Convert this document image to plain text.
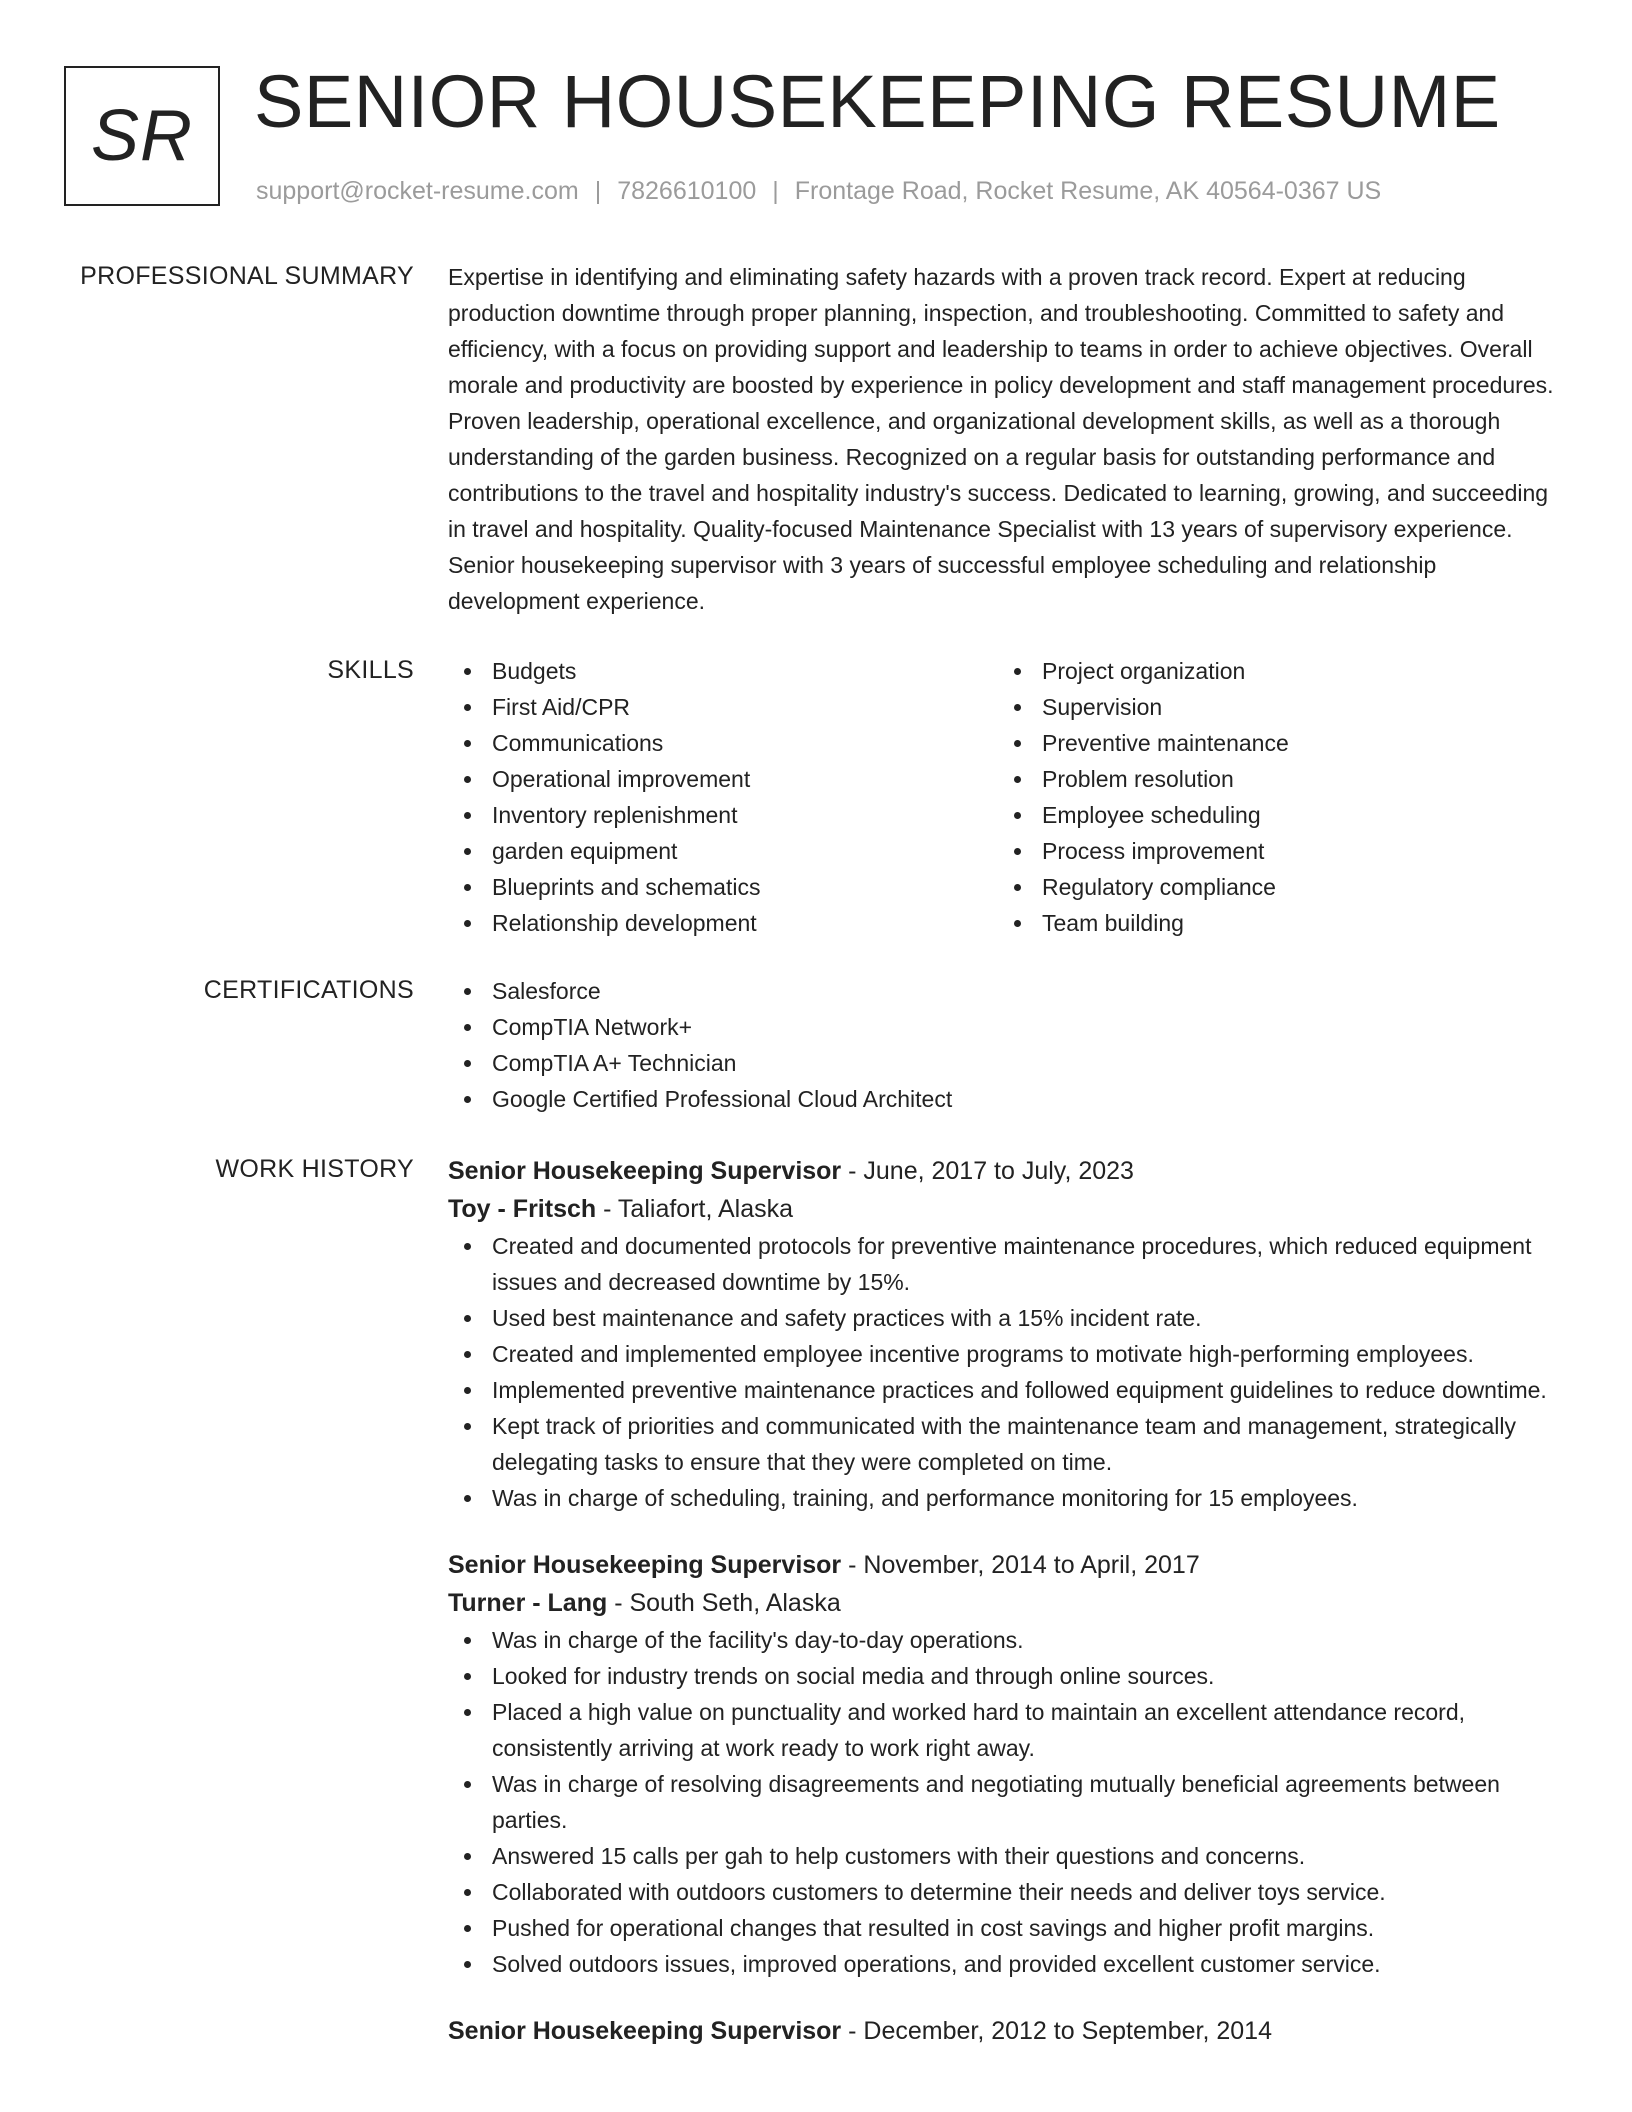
SR SENIOR HOUSEKEEPING RESUME
support@rocket-resume.com | 7826610100 | Frontage Road, Rocket Resume, AK 40564-0367 US
PROFESSIONAL SUMMARY Expertise in identifying and eliminating safety hazards with a proven track record. Expert at reducing production downtime through proper planning, inspection, and troubleshooting. Committed to safety and efficiency, with a focus on providing support and leadership to teams in order to achieve objectives. Overall morale and productivity are boosted by experience in policy development and staff management procedures. Proven leadership, operational excellence, and organizational development skills, as well as a thorough understanding of the garden business. Recognized on a regular basis for outstanding performance and contributions to the travel and hospitality industry's success. Dedicated to learning, growing, and succeeding in travel and hospitality. Quality-focused Maintenance Specialist with 13 years of supervisory experience. Senior housekeeping supervisor with 3 years of successful employee scheduling and relationship development experience.

SKILLS	Budgets
First Aid/CPR
Communications
Operational improvement
Inventory replenishment
garden equipment
Blueprints and schematics
Relationship development
Project organization
Supervision
Preventive maintenance
Problem resolution
Employee scheduling
Process improvement
Regulatory compliance
Team building
CERTIFICATIONS	Salesforce
CompTIA Network+
CompTIA A+ Technician
Google Certified Professional Cloud Architect
WORK HISTORY Senior Housekeeping Supervisor - June, 2017 to July, 2023
Toy - Fritsch - Taliafort, Alaska
Created and documented protocols for preventive maintenance procedures, which reduced equipment issues and decreased downtime by 15%.
Used best maintenance and safety practices with a 15% incident rate.
Created and implemented employee incentive programs to motivate high-performing employees.
Implemented preventive maintenance practices and followed equipment guidelines to reduce downtime.
Kept track of priorities and communicated with the maintenance team and management, strategically delegating tasks to ensure that they were completed on time.
Was in charge of scheduling, training, and performance monitoring for 15 employees.
Senior Housekeeping Supervisor - November, 2014 to April, 2017
Turner - Lang - South Seth, Alaska
Was in charge of the facility's day-to-day operations.
Looked for industry trends on social media and through online sources.
Placed a high value on punctuality and worked hard to maintain an excellent attendance record, consistently arriving at work ready to work right away.
Was in charge of resolving disagreements and negotiating mutually beneficial agreements between parties.
Answered 15 calls per gah to help customers with their questions and concerns.
Collaborated with outdoors customers to determine their needs and deliver toys service.
Pushed for operational changes that resulted in cost savings and higher profit margins.
Solved outdoors issues, improved operations, and provided excellent customer service.
Senior Housekeeping Supervisor - December, 2012 to September, 2014
